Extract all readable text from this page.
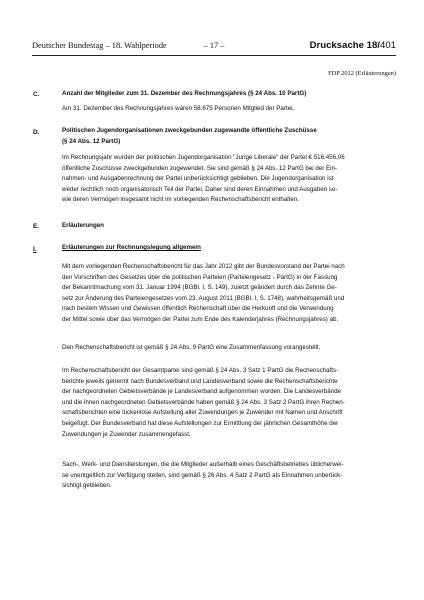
Deutscher Bundestag – 18. Wahlperiode	– 17 –	Drucksache 18/401
FDP 2012 (Erläuterungen)
C.	Anzahl der Mitglieder zum 31. Dezember des Rechnungsjahres (§ 24 Abs. 10 PartG)
Am 31. Dezember des Rechnungsjahres waren 58.675 Personen Mitglied der Partei.
D.	Politischen Jugendorganisationen zweckgebunden zugewandte öffentliche Zuschüsse
(§ 24 Abs. 12 PartG)
Im Rechnungsjahr wurden der politischen Jugendorganisation "Junge Liberale" der Partei € 516.456,06
öffentliche Zuschüsse zweckgebunden zugewendet. Sie sind gemäß § 24 Abs. 12 PartG bei der Ein-
nahmen- und Ausgabenrechnung der Partei unberücksichtigt geblieben. Die Jugendorganisation ist
weder rechtlich noch organisatorisch Teil der Partei. Daher sind deren Einnahmen und Ausgaben so-
wie deren Vermögen insgesamt nicht im vorliegenden Rechenschaftsbericht enthalten.
E.	Erläuterungen
I.	Erläuterungen zur Rechnungslegung allgemein
Mit dem vorliegenden Rechenschaftsbericht für das Jahr 2012 gibt der Bundesvorstand der Partei nach
den Vorschriften des Gesetzes über die politischen Parteien (Parteiengesetz - PartG) in der Fassung
der Bekanntmachung vom 31. Januar 1994 (BGBl. I, S. 149), zuletzt geändert durch das Zehnte Ge-
setz zur Änderung des Parteiengesetzes vom 23. August 2011 (BGBl. I, S. 1748), wahrheitsgemäß und
nach bestem Wissen und Gewissen öffentlich Rechenschaft über die Herkunft und die Verwendung
der Mittel sowie über das Vermögen der Partei zum Ende des Kalenderjahres (Rechnungsjahres) ab.
Den Rechenschaftsbericht ist gemäß § 24 Abs. 9 PartG eine Zusammenfassung vorangestellt.
Im Rechenschaftsbericht der Gesamtpartei sind gemäß § 24 Abs. 3 Satz 1 PartG die Rechenschafts-
berichte jeweils getrennt nach Bundesverband und Landesverband sowie die Rechenschaftsberichte
der nachgeordneten Gebietsverbände je Landesverband aufgenommen worden. Die Landesverbände
und die ihnen nachgeordneten Gebietsverbände haben gemäß § 24 Abs. 3 Satz 2 PartG ihren Rechen-
schaftsberichten eine lückenlose Aufstellung aller Zuwendungen je Zuwender mit Namen und Anschrift
beigefügt. Der Bundesverband hat diese Aufstellungen zur Ermittlung der jährlichen Gesamthöhe der
Zuwendungen je Zuwender zusammengefasst.
Sach-, Werk- und Dienstleistungen, die die Mitglieder außerhalb eines Geschäftsbetriebes üblicherwei-
se unentgeltlich zur Verfügung stellen, sind gemäß § 26 Abs. 4 Satz 2 PartG als Einnahmen unberück-
sichtigt geblieben.
